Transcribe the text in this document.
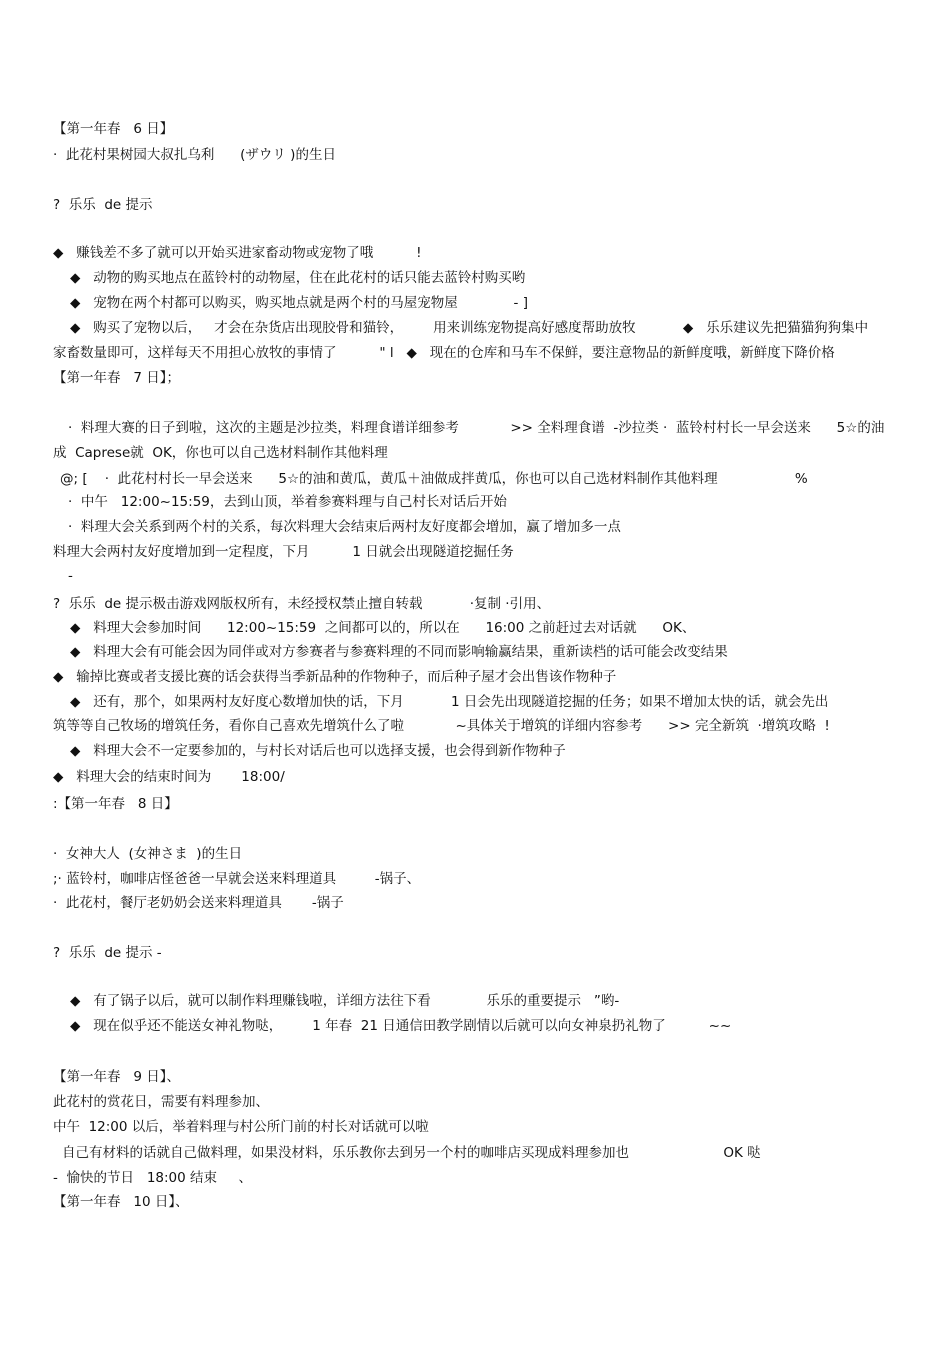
【第一年春   6 日】
·  此花村果树园大叔扎乌利      (ザウリ )的生日
?  乐乐  de 提示
◆   赚钱差不多了就可以开始买进家畜动物或宠物了哦          !
◆   动物的购买地点在蓝铃村的动物屋，住在此花村的话只能去蓝铃村购买哟
◆   宠物在两个村都可以购买，购买地点就是两个村的马屋宠物屋             - ]
◆   购买了宠物以后，   才会在杂货店出现胶骨和猫铃，       用来训练宠物提高好感度帮助放牧           ◆   乐乐建议先把猫猫狗狗集中
家畜数量即可，这样每天不用担心放牧的事情了          " l   ◆   现在的仓库和马车不保鲜，要注意物品的新鲜度哦，新鲜度下降价格
【第一年春   7 日】；
·  料理大赛的日子到啦，这次的主题是沙拉类，料理食谱详细参考            >> 全料理食谱  -沙拉类 ·  蓝铃村村长一早会送来      5☆的油
成  Caprese就  OK，你也可以自己选材料制作其他料理
@; [    ·  此花村村长一早会送来      5☆的油和黄瓜，黄瓜＋油做成拌黄瓜，你也可以自己选材料制作其他料理                  %
·  中午   12:00~15:59，去到山顶，举着参赛料理与自己村长对话后开始
·  料理大会关系到两个村的关系，每次料理大会结束后两村友好度都会增加，赢了增加多一点
料理大会两村友好度增加到一定程度，下月          1 日就会出现隧道挖掘任务
-
?  乐乐  de 提示极击游戏网版权所有，未经授权禁止擅自转载           ·复制 ·引用、
◆   料理大会参加时间      12:00~15:59  之间都可以的，所以在      16:00 之前赶过去对话就      OK、
◆   料理大会有可能会因为同伴或对方参赛者与参赛料理的不同而影响输赢结果，重新读档的话可能会改变结果
◆   输掉比赛或者支援比赛的话会获得当季新品种的作物种子，而后种子屋才会出售该作物种子
◆   还有，那个，如果两村友好度心数增加快的话，下月           1 日会先出现隧道挖掘的任务；如果不增加太快的话，就会先出
筑等等自己牧场的增筑任务，看你自己喜欢先增筑什么了啦            ~具体关于增筑的详细内容参考      >> 完全新筑  ·增筑攻略  !
◆   料理大会不一定要参加的，与村长对话后也可以选择支援，也会得到新作物种子
◆   料理大会的结束时间为       18:00/
:【第一年春   8 日】
·  女神大人  (女神さま  )的生日
;· 蓝铃村，咖啡店怪爸爸一早就会送来料理道具         -锅子、
·  此花村，餐厅老奶奶会送来料理道具       -锅子
?  乐乐  de 提示 -
◆   有了锅子以后，就可以制作料理赚钱啦，详细方法往下看             乐乐的重要提示   ”哟-
◆   现在似乎还不能送女神礼物哒，       1 年春  21 日通信田教学剧情以后就可以向女神泉扔礼物了          ~~
【第一年春   9 日】、
此花村的赏花日，需要有料理参加、
中午  12:00 以后，举着料理与村公所门前的村长对话就可以啦
自己有材料的话就自己做料理，如果没材料，乐乐教你去到另一个村的咖啡店买现成料理参加也                      OK 哒
-  愉快的节日   18:00 结束     、
【第一年春   10 日】、
